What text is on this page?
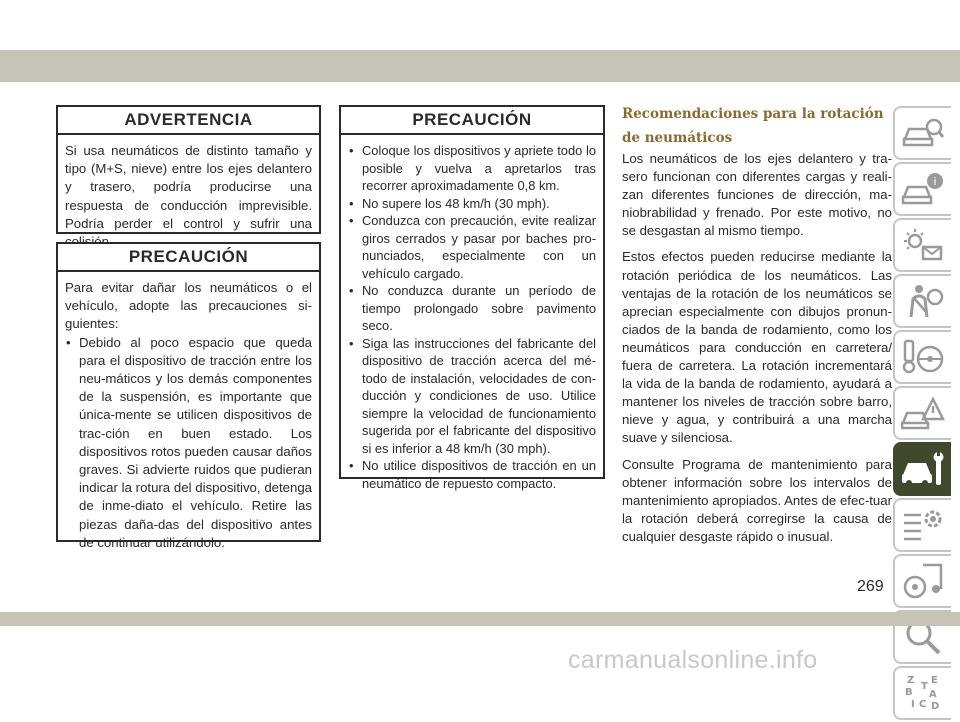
ADVERTENCIA

Si usa neumáticos de distinto tamaño y tipo (M+S, nieve) entre los ejes delantero y trasero, podría producirse una respuesta de conducción imprevisible. Podría perder el control y sufrir una

PRECAUCIÓN

Para evitar dañar los neumáticos o el vehículo, adopte las precauciones si-guientes:

• Debido al poco espacio que queda para el dispositivo de tracción entre los neu-máticos y los demás componentes de la suspensión, es importante que única-mente se utilicen dispositivos de trac-ción en buen estado. Los dispositivos rotos pueden causar daños graves. Si advierte ruidos que pudieran indicar la rotura del dispositivo, detenga de inme-diato el vehículo. Retire las piezas daña-das del dispositivo antes de continuar utilizándolo.
PRECAUCIÓN
• Coloque los dispositivos y apriete todo lo posible y vuelva a apretarlos tras recorrer aproximadamente 0,8 km.
• No supere los 48 km/h (30 mph).
• Conduzca con precaución, evite realizar giros cerrados y pasar por baches pro-nunciados, especialmente con un vehículo cargado.
• No conduzca durante un período de tiempo prolongado sobre pavimento seco.
• Siga las instrucciones del fabricante del dispositivo de tracción acerca del mé-todo de instalación, velocidades de con-ducción y condiciones de uso. Utilice siempre la velocidad de funcionamiento sugerida por el fabricante del dispositivo si es inferior a 48 km/h (30 mph).
• No utilice dispositivos de tracción en un neumático de repuesto compacto.
Recomendaciones para la rotación de neumáticos

Los neumáticos de los ejes delantero y tra-sero funcionan con diferentes cargas y reali-zan diferentes funciones de dirección, ma-niobrabilidad y frenado. Por este motivo, no se desgastan al mismo tiempo.

Estos efectos pueden reducirse mediante la rotación periódica de los neumáticos. Las ventajas de la rotación de los neumáticos se aprecian especialmente con dibujos pronun-ciados de la banda de rodamiento, como los neumáticos para conducción en carretera/ fuera de carretera. La rotación incrementará la vida de la banda de rodamiento, ayudará a mantener los niveles de tracción sobre barro, nieve y agua, y contribuirá a una marcha suave y silenciosa.

Consulte Programa de mantenimiento para obtener información sobre los intervalos de mantenimiento apropiados. Antes de efec-tuar la rotación deberá corregirse la causa de cualquier desgaste rápido o inusual.

i
Z E
B A
I C D
T
269
carmanualsonline.info
